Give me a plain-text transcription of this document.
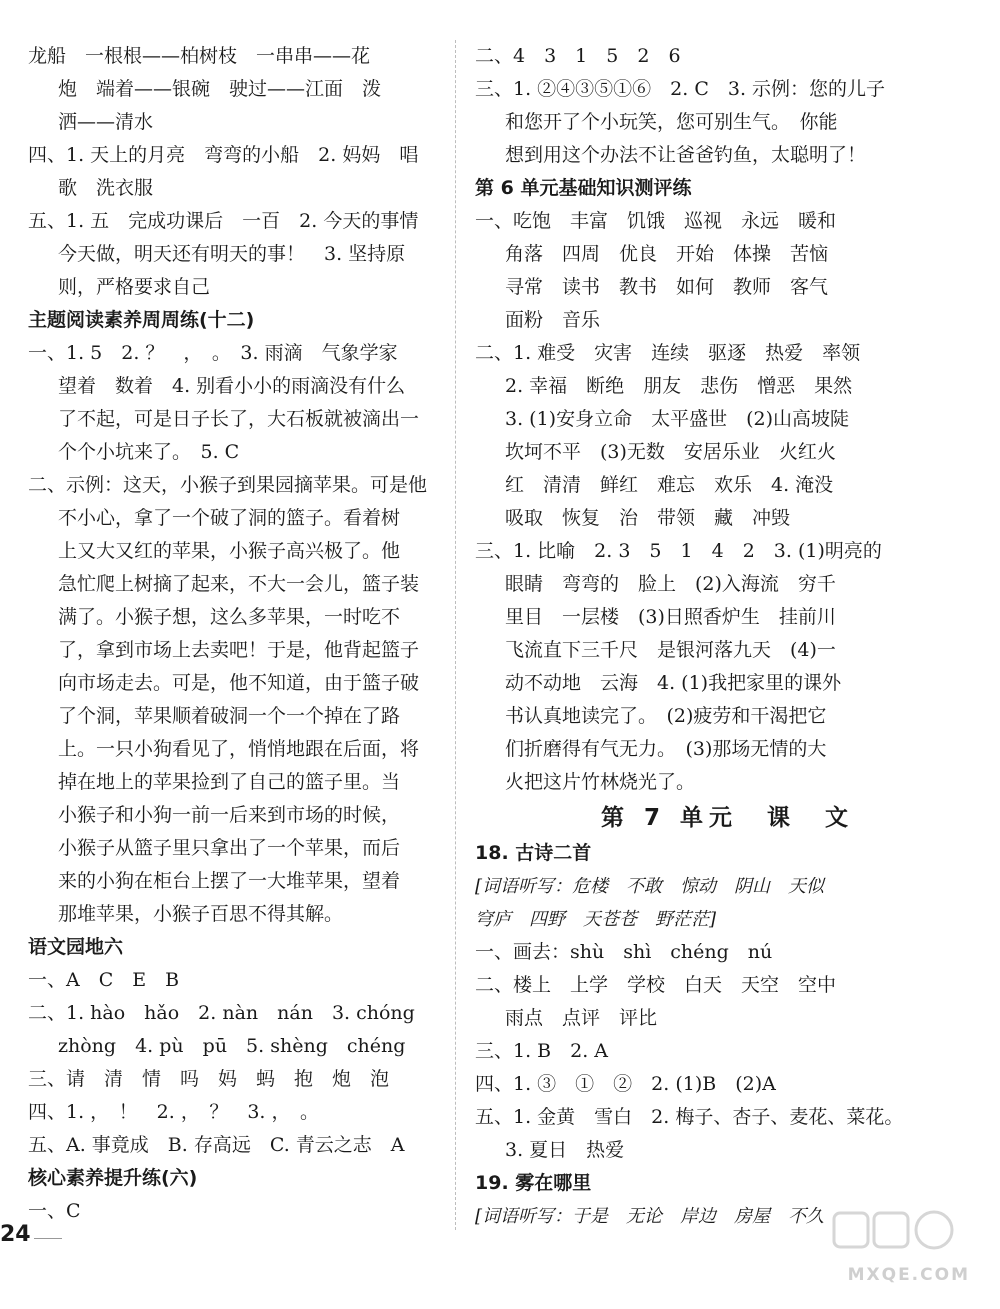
龙船　一根根——柏树枝　一串串——花
炮　端着——银碗　驶过——江面　泼
洒——清水
四、1. 天上的月亮　弯弯的小船　2. 妈妈　唱
歌　洗衣服
五、1. 五　完成功课后　一百　2. 今天的事情
今天做，明天还有明天的事！　3. 坚持原
则，严格要求自己
主题阅读素养周周练(十二)
一、1. 5　2. ？　，　。　3. 雨滴　气象学家
望着　数着　4. 别看小小的雨滴没有什么
了不起，可是日子长了，大石板就被滴出一
个个小坑来了。　5. C
二、示例：这天，小猴子到果园摘苹果。可是他
不小心，拿了一个破了洞的篮子。看着树
上又大又红的苹果，小猴子高兴极了。他
急忙爬上树摘了起来，不大一会儿，篮子装
满了。小猴子想，这么多苹果，一时吃不
了，拿到市场上去卖吧！于是，他背起篮子
向市场走去。可是，他不知道，由于篮子破
了个洞，苹果顺着破洞一个一个掉在了路
上。一只小狗看见了，悄悄地跟在后面，将
掉在地上的苹果捡到了自己的篮子里。当
小猴子和小狗一前一后来到市场的时候，
小猴子从篮子里只拿出了一个苹果，而后
来的小狗在柜台上摆了一大堆苹果，望着
那堆苹果，小猴子百思不得其解。
语文园地六
一、A　C　E　B
二、1. hào　hǎo　2. nàn　nán　3. chóng
zhòng　4. pù　pū　5. shèng　chéng
三、请　清　情　吗　妈　蚂　抱　炮　泡
四、1. ，　！　2. ，　？　3. ，　。
五、A. 事竟成　B. 存高远　C. 青云之志　A
核心素养提升练(六)
一、C
二、4　3　1　5　2　6
三、1. ②④③⑤①⑥　2. C　3. 示例：您的儿子
和您开了个小玩笑，您可别生气。　你能
想到用这个办法不让爸爸钓鱼，太聪明了！
第 6 单元基础知识测评练
一、吃饱　丰富　饥饿　巡视　永远　暖和
角落　四周　优良　开始　体操　苦恼
寻常　读书　教书　如何　教师　客气
面粉　音乐
二、1. 难受　灾害　连续　驱逐　热爱　率领
2. 幸福　断绝　朋友　悲伤　憎恶　果然
3. (1)安身立命　太平盛世　(2)山高坡陡
坎坷不平　(3)无数　安居乐业　火红火
红　清清　鲜红　难忘　欢乐　4. 淹没
吸取　恢复　治　带领　藏　冲毁
三、1. 比喻　2. 3　5　1　4　2　3. (1)明亮的
眼睛　弯弯的　脸上　(2)入海流　穷千
里目　一层楼　(3)日照香炉生　挂前川
飞流直下三千尺　是银河落九天　(4)一
动不动地　云海　4. (1)我把家里的课外
书认真地读完了。　(2)疲劳和干渴把它
们折磨得有气无力。　(3)那场无情的大
火把这片竹林烧光了。
第 7 单元　课　文
18. 古诗二首
[词语听写：危楼　不敢　惊动　阴山　天似
穹庐　四野　天苍苍　野茫茫]
一、画去：shù　shì　chéng　nú
二、楼上　上学　学校　白天　天空　空中
雨点　点评　评比
三、1. B　2. A
四、1. ③　①　②　2. (1)B　(2)A
五、1. 金黄　雪白　2. 梅子、杏子、麦花、菜花。
3. 夏日　热爱
19. 雾在哪里
[词语听写：于是　无论　岸边　房屋　不久
24
MXQE.COM
